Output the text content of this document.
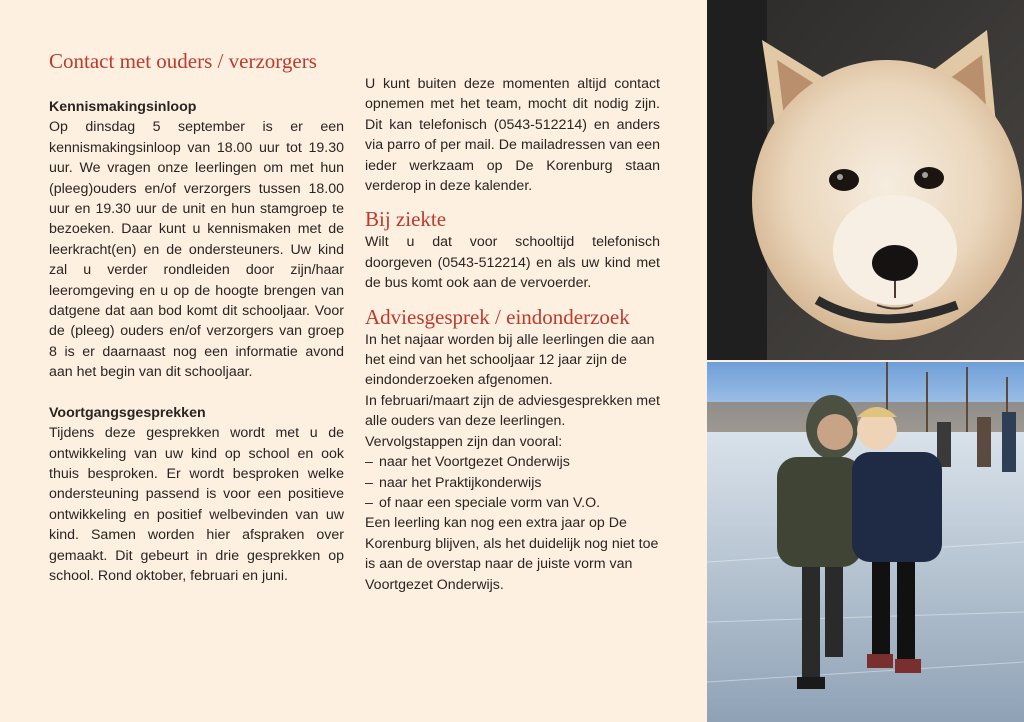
Contact met ouders / verzorgers

Kennismakingsinloop

Op dinsdag 5 september is er een kennismakingsinloop van 18.00 uur tot 19.30 uur. We vragen onze leerlingen om met hun (pleeg)ouders en/of verzorgers tussen 18.00 uur en 19.30 uur de unit en hun stamgroep te bezoeken. Daar kunt u kennismaken met de leerkracht(en) en de ondersteuners. Uw kind zal u verder rondleiden door zijn/haar leeromgeving en u op de hoogte brengen van datgene dat aan bod komt dit schooljaar. Voor de (pleeg) ouders en/of verzorgers van groep 8 is er daarnaast nog een informatie avond aan het begin van dit schooljaar.

Voortgangsgesprekken

Tijdens deze gesprekken wordt met u de ontwikkeling van uw kind op school en ook thuis besproken. Er wordt besproken welke ondersteuning passend is voor een positieve ontwikkeling en positief welbevinden van uw kind. Samen worden hier afspraken over gemaakt. Dit gebeurt in drie gesprekken op school. Rond oktober, februari en juni.

U kunt buiten deze momenten altijd contact opnemen met het team, mocht dit nodig zijn. Dit kan telefonisch (0543-512214) en anders via parro of per mail. De mailadressen van een ieder werkzaam op De Korenburg staan verderop in deze kalender.

Bij ziekte

Wilt u dat voor schooltijd telefonisch doorgeven (0543-512214) en als uw kind met de bus komt ook aan de vervoerder.

Adviesgesprek / eindonderzoek

In het najaar worden bij alle leerlingen die aan het eind van het schooljaar 12 jaar zijn de eindonderzoeken afgenomen.

In februari/maart zijn de adviesgesprekken met alle ouders van deze leerlingen.

Vervolgstappen zijn dan vooral:

– naar het Voortgezet Onderwijs
– naar het Praktijkonderwijs
– of naar een speciale vorm van V.O.

Een leerling kan nog een extra jaar op De Korenburg blijven, als het duidelijk nog niet toe is aan de overstap naar de juiste vorm van Voortgezet Onderwijs.
